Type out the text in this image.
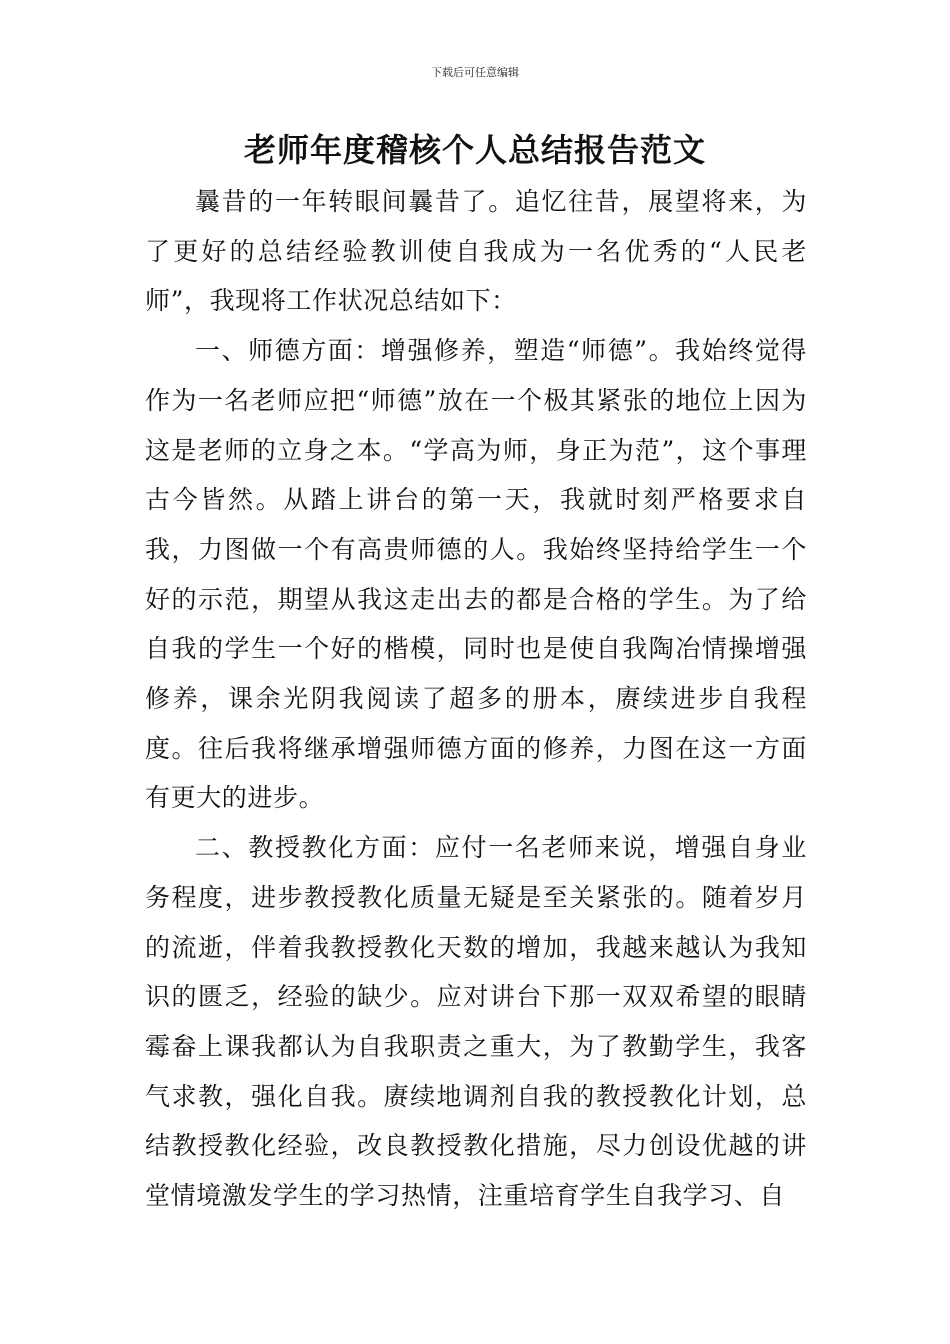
下载后可任意编辑
老师年度稽核个人总结报告范文

曩昔的一年转眼间曩昔了。追忆往昔，展望将来，为了更好的总结经验教训使自我成为一名优秀的“人民老师”，我现将工作状况总结如下：

一、师德方面：增强修养，塑造“师德”。我始终觉得作为一名老师应把“师德”放在一个极其紧张的地位上因为这是老师的立身之本。“学高为师，身正为范”，这个事理古今皆然。从踏上讲台的第一天，我就时刻严格要求自我，力图做一个有高贵师德的人。我始终坚持给学生一个好的示范，期望从我这走出去的都是合格的学生。为了给自我的学生一个好的楷模，同时也是使自我陶冶情操增强修养，课余光阴我阅读了超多的册本，赓续进步自我程度。往后我将继承增强师德方面的修养，力图在这一方面有更大的进步。

二、教授教化方面：应付一名老师来说，增强自身业务程度，进步教授教化质量无疑是至关紧张的。随着岁月的流逝，伴着我教授教化天数的增加，我越来越认为我知识的匮乏，经验的缺少。应对讲台下那一双双希望的眼睛霉畚上课我都认为自我职责之重大，为了教勤学生，我客气求教，强化自我。赓续地调剂自我的教授教化计划，总结教授教化经验，改良教授教化措施，尽力创设优越的讲堂情境激发学生的学习热情，注重培育学生自我学习、自
